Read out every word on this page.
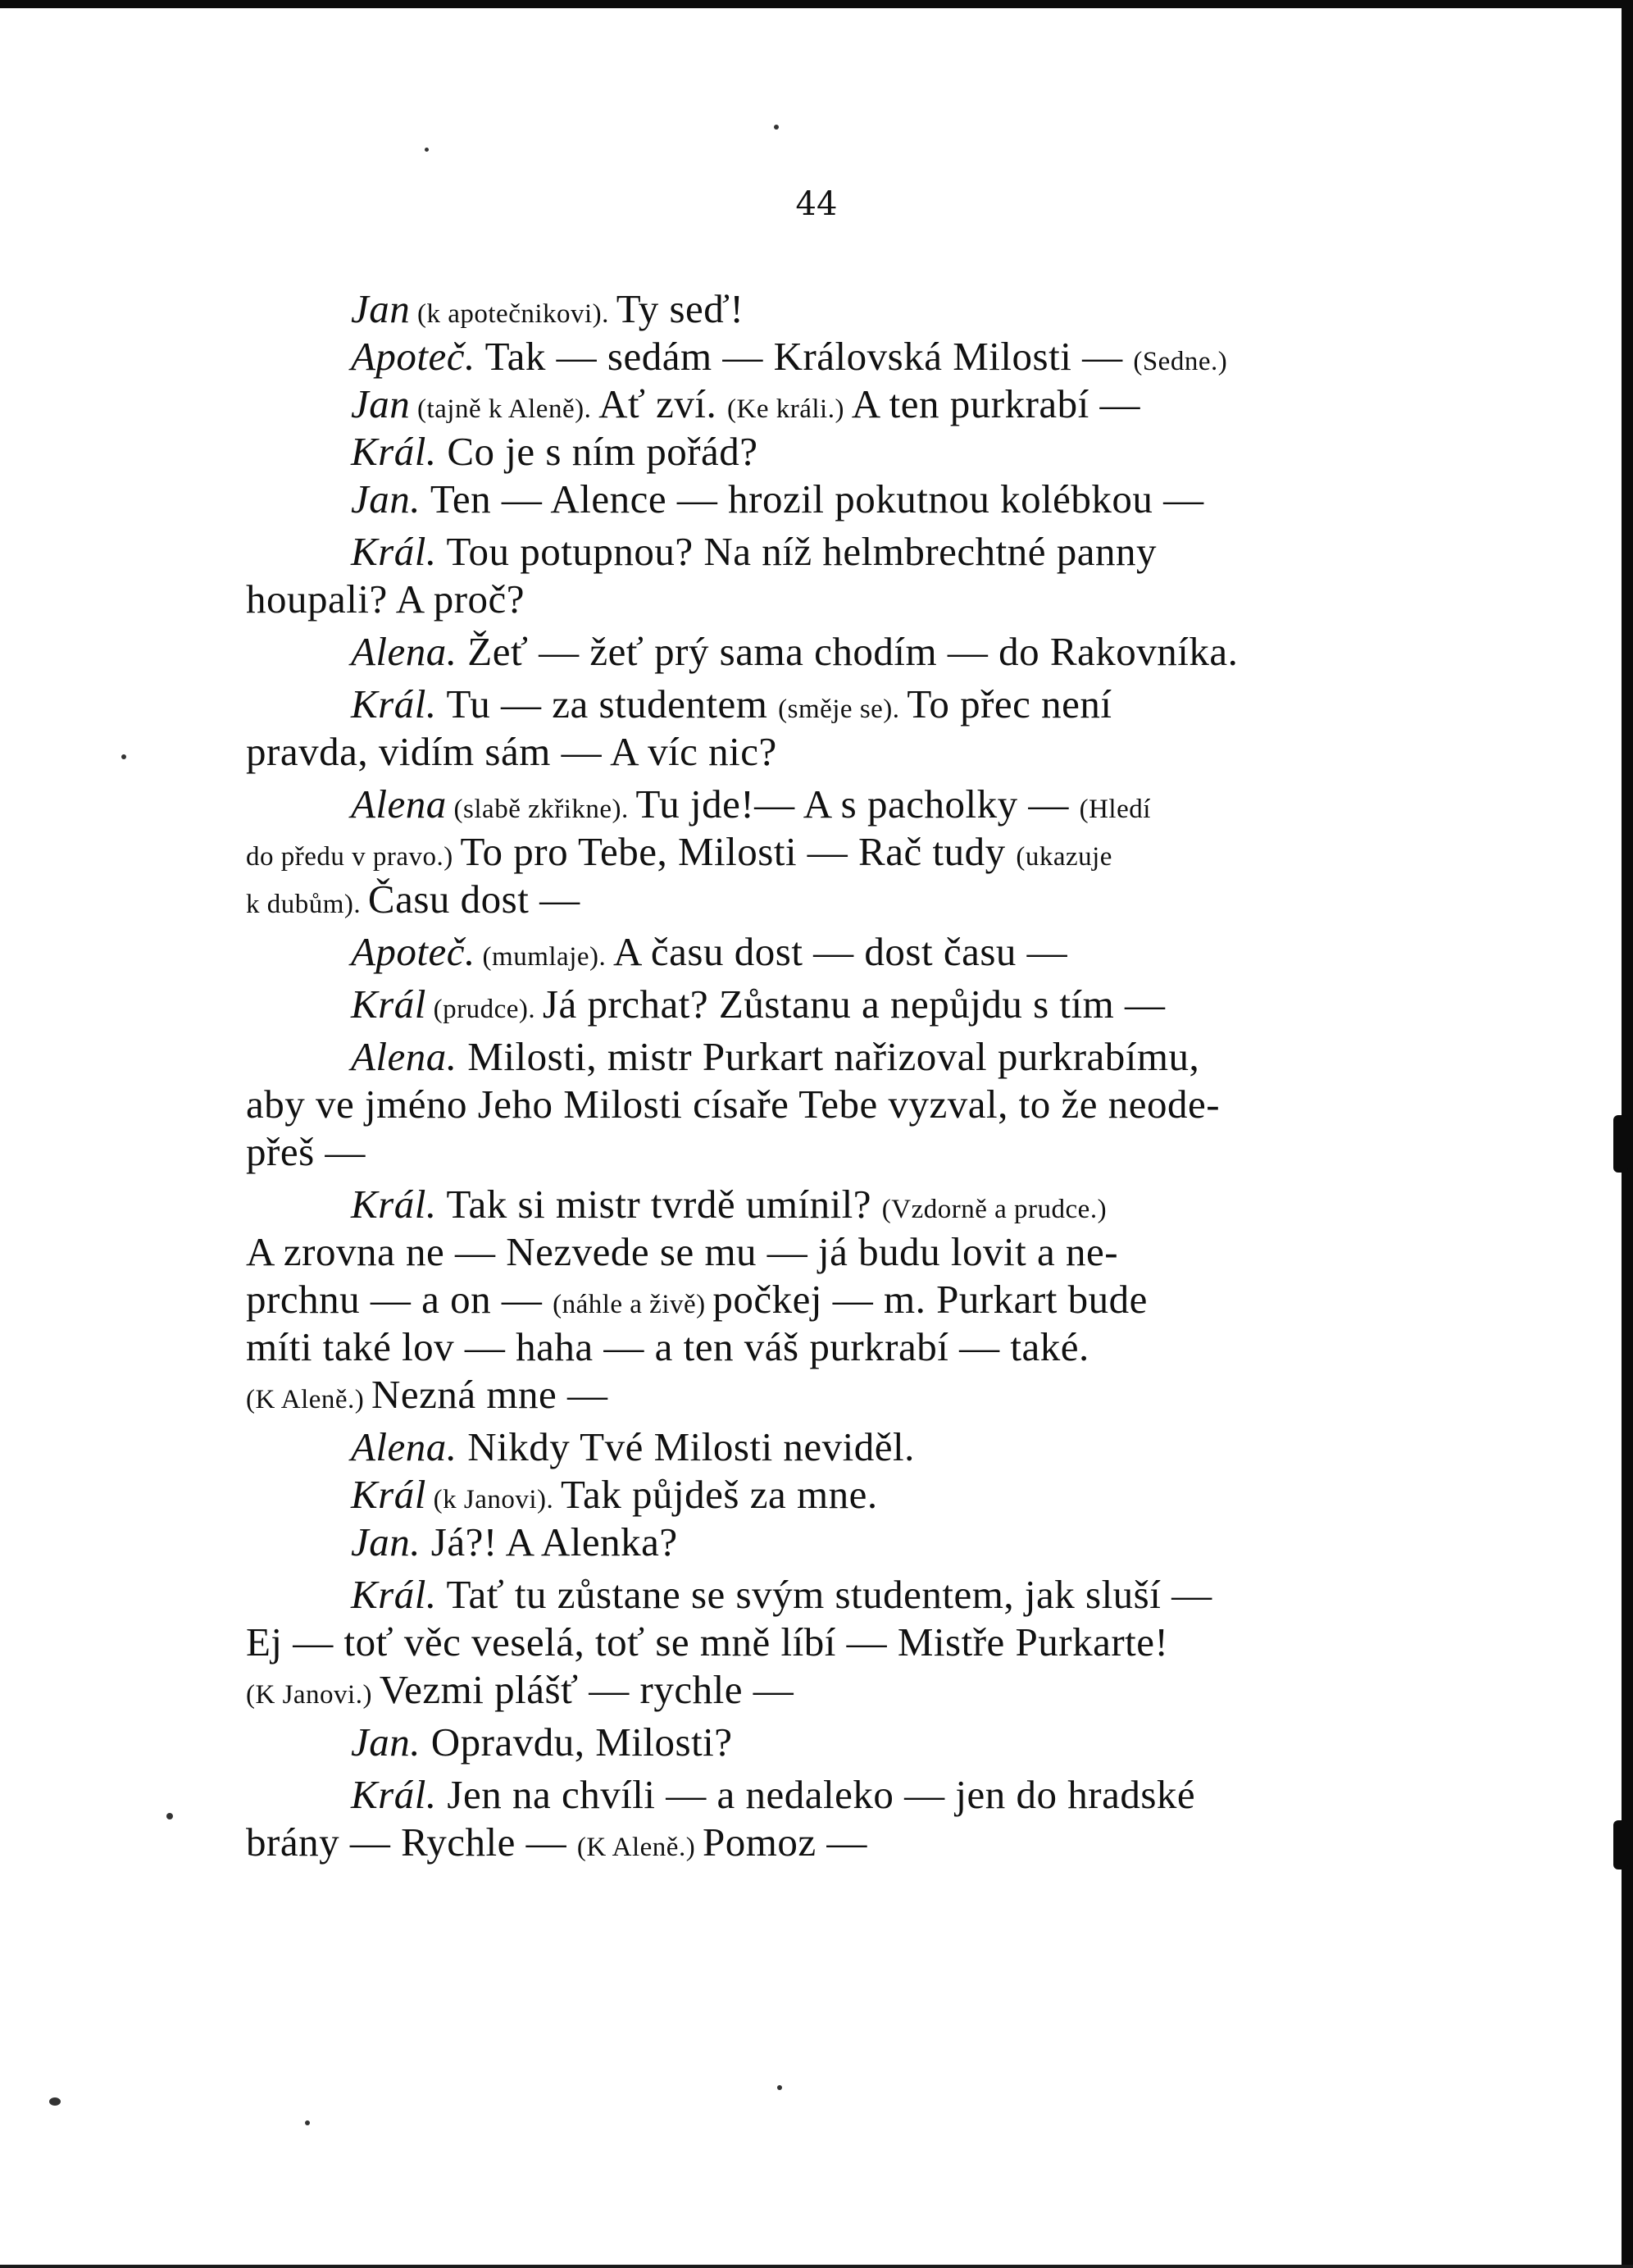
44
Jan (k apotečnikovi). Ty seď!
Apoteč. Tak — sedám — Královská Milosti — (Sedne.)
Jan (tajně k Aleně). Ať zví. (Ke králi.) A ten purkrabí —
Král. Co je s ním pořád?
Jan. Ten — Alence — hrozil pokutnou kolébkou —
Král. Tou potupnou? Na níž helmbrechtné panny
houpali? A proč?
Alena. Žeť — žeť prý sama chodím — do Rakovníka.
Král. Tu — za studentem (směje se). To přec není
pravda, vidím sám — A víc nic?
Alena (slabě zkřikne). Tu jde!— A s pacholky — (Hledí
do předu v pravo.) To pro Tebe, Milosti — Rač tudy (ukazuje
k dubům). Času dost —
Apoteč. (mumlaje). A času dost — dost času —
Král (prudce). Já prchat? Zůstanu a nepůjdu s tím —
Alena. Milosti, mistr Purkart nařizoval purkrabímu,
aby ve jméno Jeho Milosti císaře Tebe vyzval, to že neode-
přeš —
Král. Tak si mistr tvrdě umínil? (Vzdorně a prudce.)
A zrovna ne — Nezvede se mu — já budu lovit a ne-
prchnu — a on — (náhle a živě) počkej — m. Purkart bude
míti také lov — haha — a ten váš purkrabí — také.
(K Aleně.) Nezná mne —
Alena. Nikdy Tvé Milosti neviděl.
Král (k Janovi). Tak půjdeš za mne.
Jan. Já?! A Alenka?
Král. Tať tu zůstane se svým studentem, jak sluší —
Ej — toť věc veselá, toť se mně líbí — Mistře Purkarte!
(K Janovi.) Vezmi plášť — rychle —
Jan. Opravdu, Milosti?
Král. Jen na chvíli — a nedaleko — jen do hradské
brány — Rychle — (K Aleně.) Pomoz —
